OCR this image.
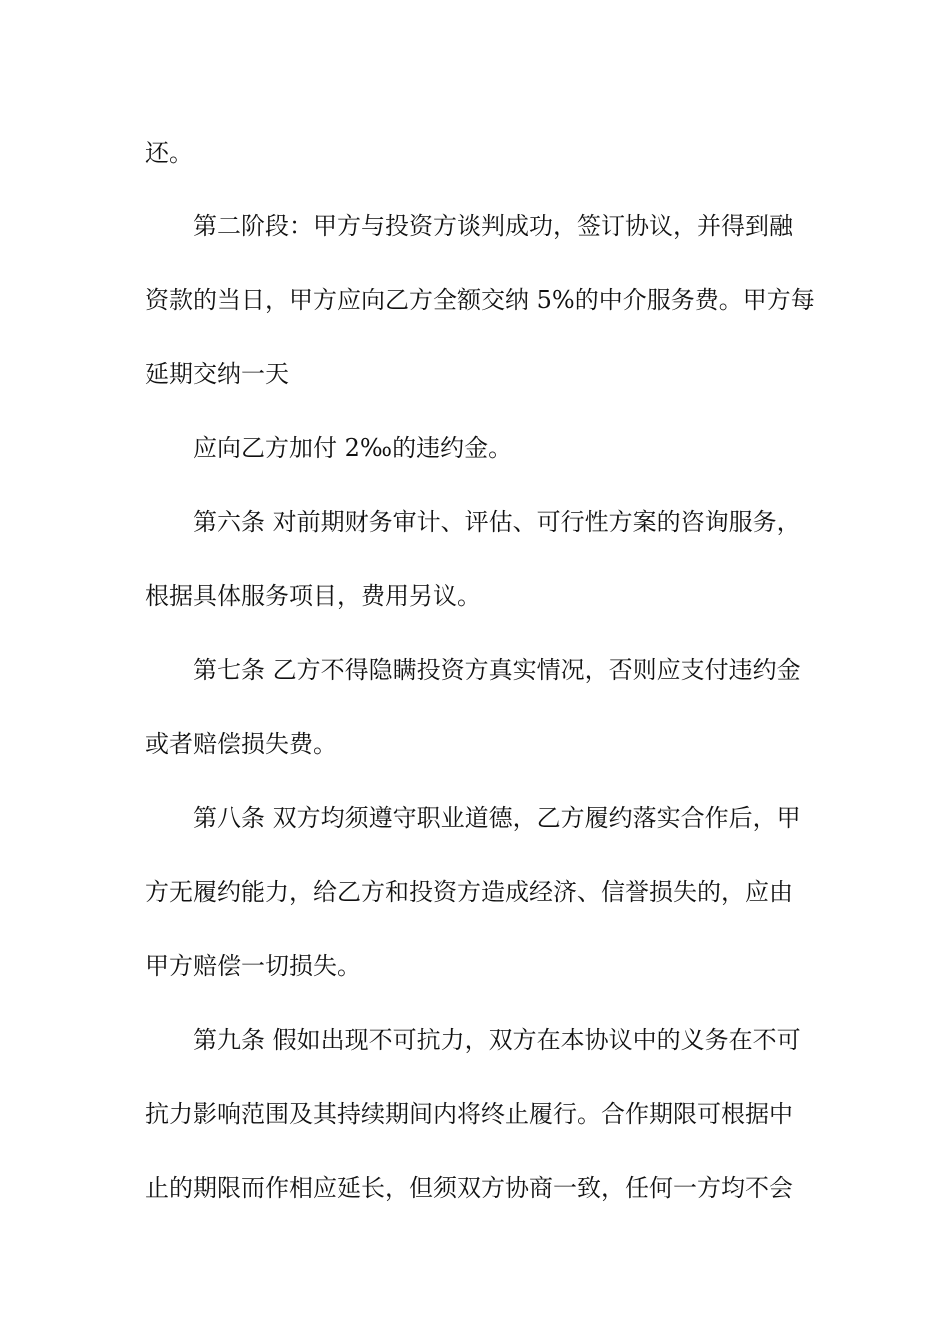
还。
第二阶段：甲方与投资方谈判成功，签订协议，并得到融
资款的当日，甲方应向乙方全额交纳 5%的中介服务费。甲方每
延期交纳一天
应向乙方加付 2‰的违约金。
第六条 对前期财务审计、评估、可行性方案的咨询服务，
根据具体服务项目，费用另议。
第七条 乙方不得隐瞒投资方真实情况，否则应支付违约金
或者赔偿损失费。
第八条 双方均须遵守职业道德，乙方履约落实合作后，甲
方无履约能力，给乙方和投资方造成经济、信誉损失的，应由
甲方赔偿一切损失。
第九条 假如出现不可抗力，双方在本协议中的义务在不可
抗力影响范围及其持续期间内将终止履行。合作期限可根据中
止的期限而作相应延长，但须双方协商一致，任何一方均不会
